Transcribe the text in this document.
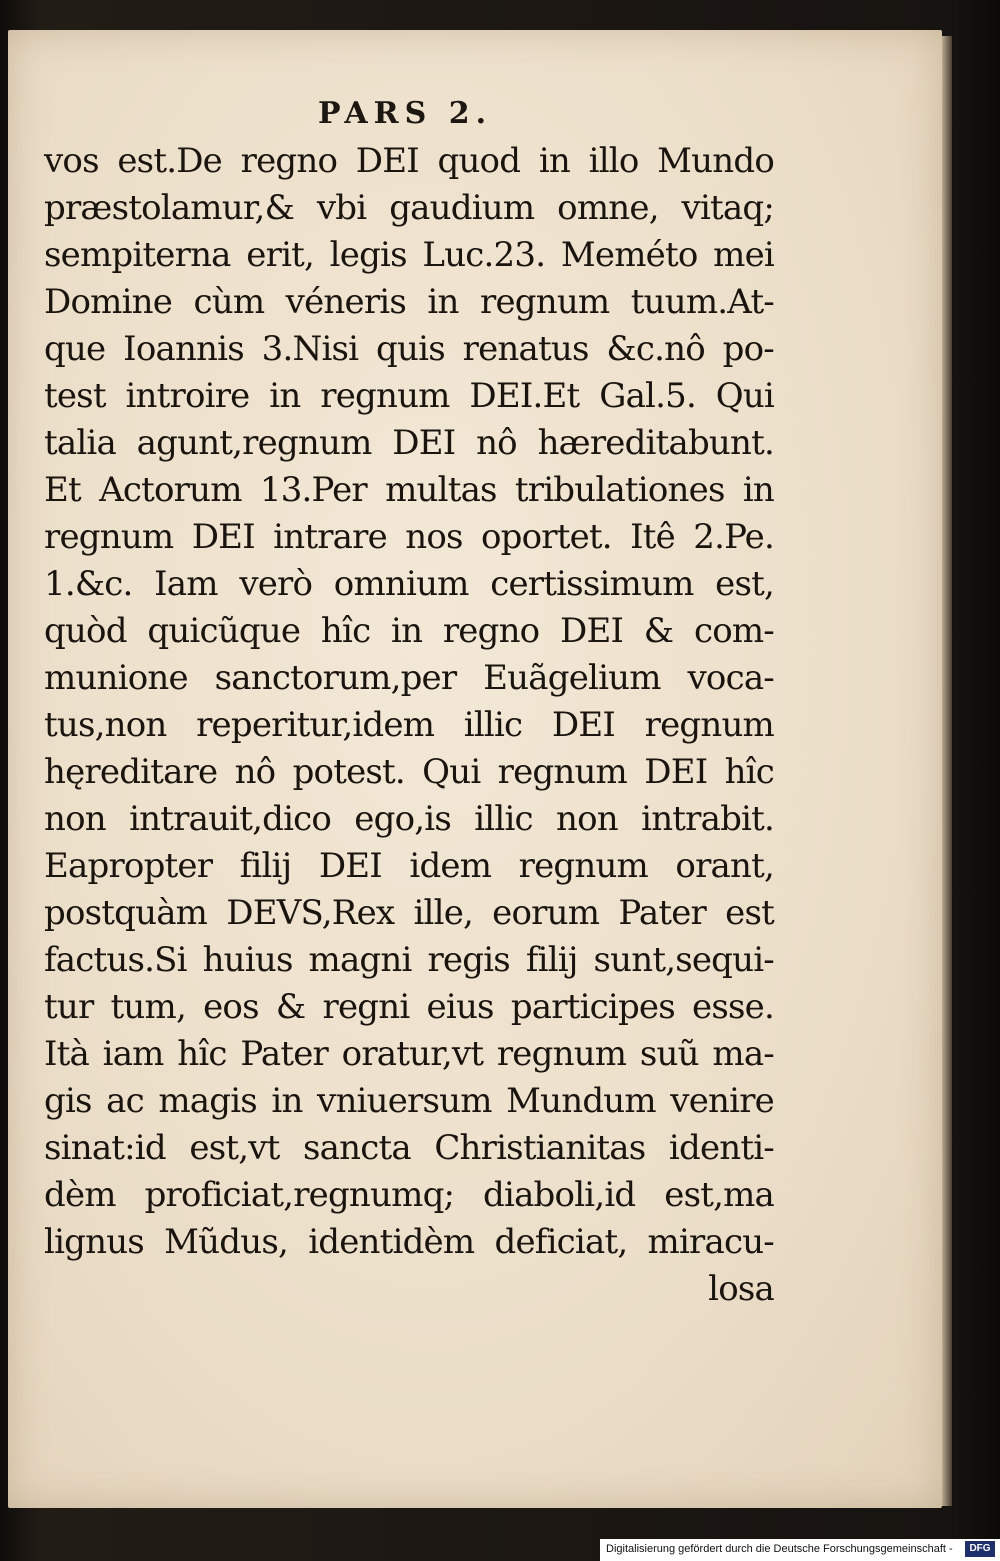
PARS 2.
vos est.De regno DEI quod in illo Mundo
præstolamur,& vbi gaudium omne, vitaq;
sempiterna erit, legis Luc.23. Meméto mei
Domine cùm véneris in regnum tuum.At-
que Ioannis 3.Nisi quis renatus &c.nô po-
test introire in regnum DEI.Et Gal.5. Qui
talia agunt,regnum DEI nô hæreditabunt.
Et Actorum 13.Per multas tribulationes in
regnum DEI intrare nos oportet. Itê 2.Pe.
1.&c. Iam verò omnium certissimum est,
quòd quicũque hîc in regno DEI & com-
munione sanctorum,per Euãgelium voca-
tus,non reperitur,idem illic DEI regnum
hęreditare nô potest. Qui regnum DEI hîc
non intrauit,dico ego,is illic non intrabit.
Eapropter filij DEI idem regnum orant,
postquàm DEVS,Rex ille, eorum Pater est
factus.Si huius magni regis filij sunt,sequi-
tur tum, eos & regni eius participes esse.
Ità iam hîc Pater oratur,vt regnum suũ ma-
gis ac magis in vniuersum Mundum venire
sinat:id est,vt sancta Christianitas identi-
dèm proficiat,regnumq; diaboli,id est,ma
lignus Mũdus, identidèm deficiat, miracu-
losa
Digitalisierung gefördert durch die Deutsche Forschungsgemeinschaft -	DFG
